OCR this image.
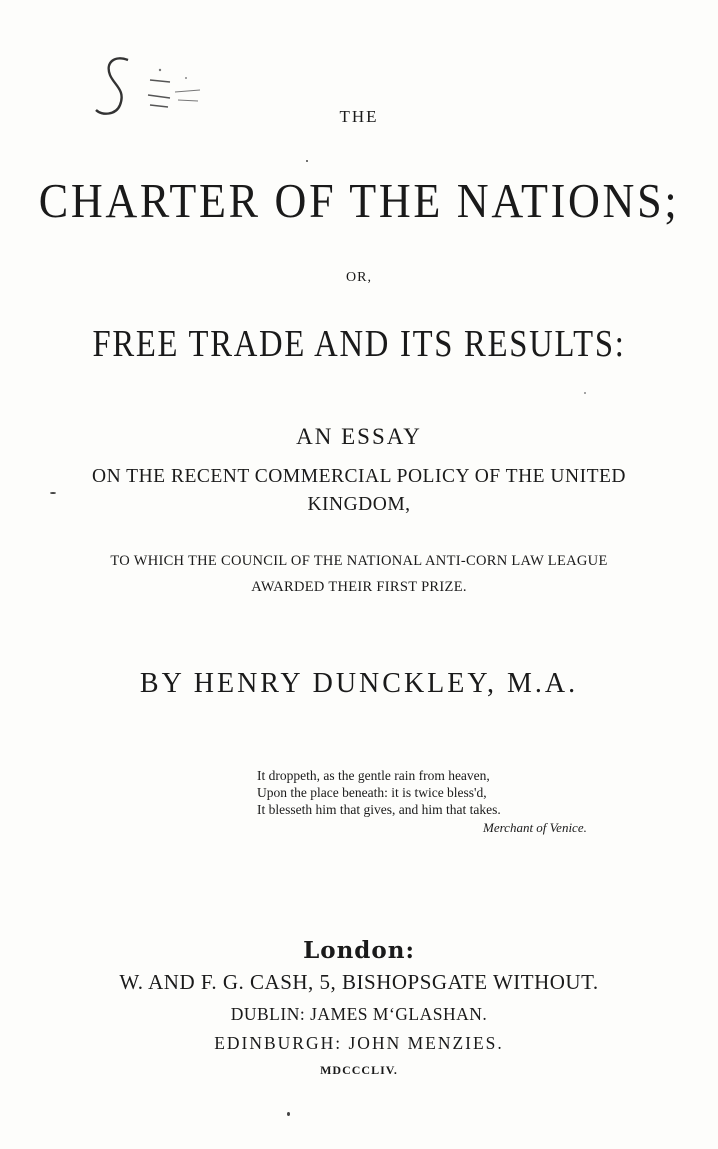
THE
CHARTER OF THE NATIONS;
OR,
FREE TRADE AND ITS RESULTS:
AN ESSAY
ON THE RECENT COMMERCIAL POLICY OF THE UNITED
KINGDOM,
TO WHICH THE COUNCIL OF THE NATIONAL ANTI-CORN LAW LEAGUE
AWARDED THEIR FIRST PRIZE.
BY HENRY DUNCKLEY, M.A.
It droppeth, as the gentle rain from heaven,
Upon the place beneath: it is twice bless'd,
It blesseth him that gives, and him that takes.
Merchant of Venice.
London:
W. AND F. G. CASH, 5, BISHOPSGATE WITHOUT.
DUBLIN: JAMES M‘GLASHAN.
EDINBURGH: JOHN MENZIES.
MDCCCLIV.
